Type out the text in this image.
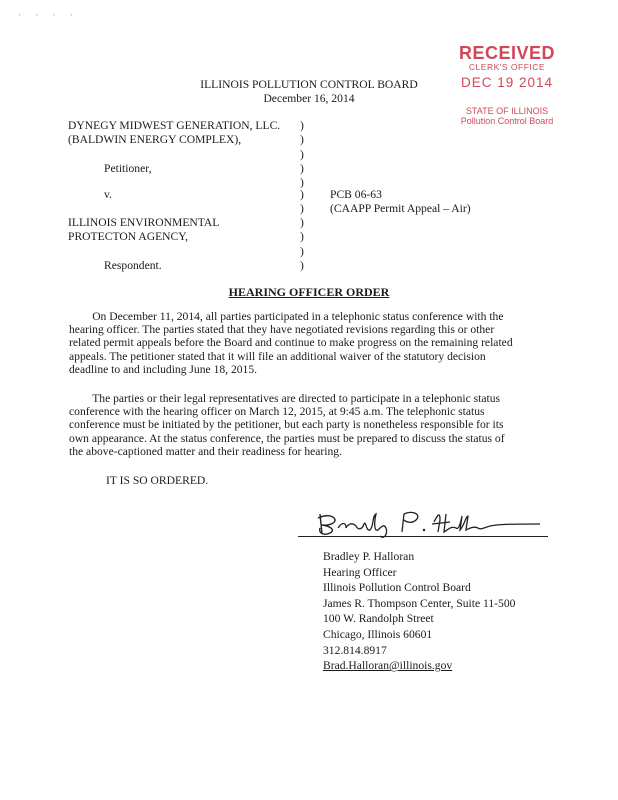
· · · ·
RECEIVED
CLERK'S OFFICE
DEC 19 2014
STATE OF ILLINOIS
Pollution Control Board
ILLINOIS POLLUTION CONTROL BOARD
December 16, 2014
DYNEGY MIDWEST GENERATION, LLC.
(BALDWIN ENERGY COMPLEX),
Petitioner,
v.
ILLINOIS ENVIRONMENTAL
PROTECTON AGENCY,
Respondent.
)
)
)
)
)
)
)
)
)
)
)
PCB 06-63
(CAAPP Permit Appeal – Air)
HEARING OFFICER ORDER

On December 11, 2014, all parties participated in a telephonic status conference with the

hearing officer. The parties stated that they have negotiated revisions regarding this or other

related permit appeals before the Board and continue to make progress on the remaining related

appeals. The petitioner stated that it will file an additional waiver of the statutory decision

deadline to and including June 18, 2015.

The parties or their legal representatives are directed to participate in a telephonic status

conference with the hearing officer on March 12, 2015, at 9:45 a.m. The telephonic status

conference must be initiated by the petitioner, but each party is nonetheless responsible for its

own appearance. At the status conference, the parties must be prepared to discuss the status of

the above-captioned matter and their readiness for hearing.

IT IS SO ORDERED.
Bradley P. Halloran
Hearing Officer
Illinois Pollution Control Board
James R. Thompson Center, Suite 11-500
100 W. Randolph Street
Chicago, Illinois 60601
312.814.8917
Brad.Halloran@illinois.gov
